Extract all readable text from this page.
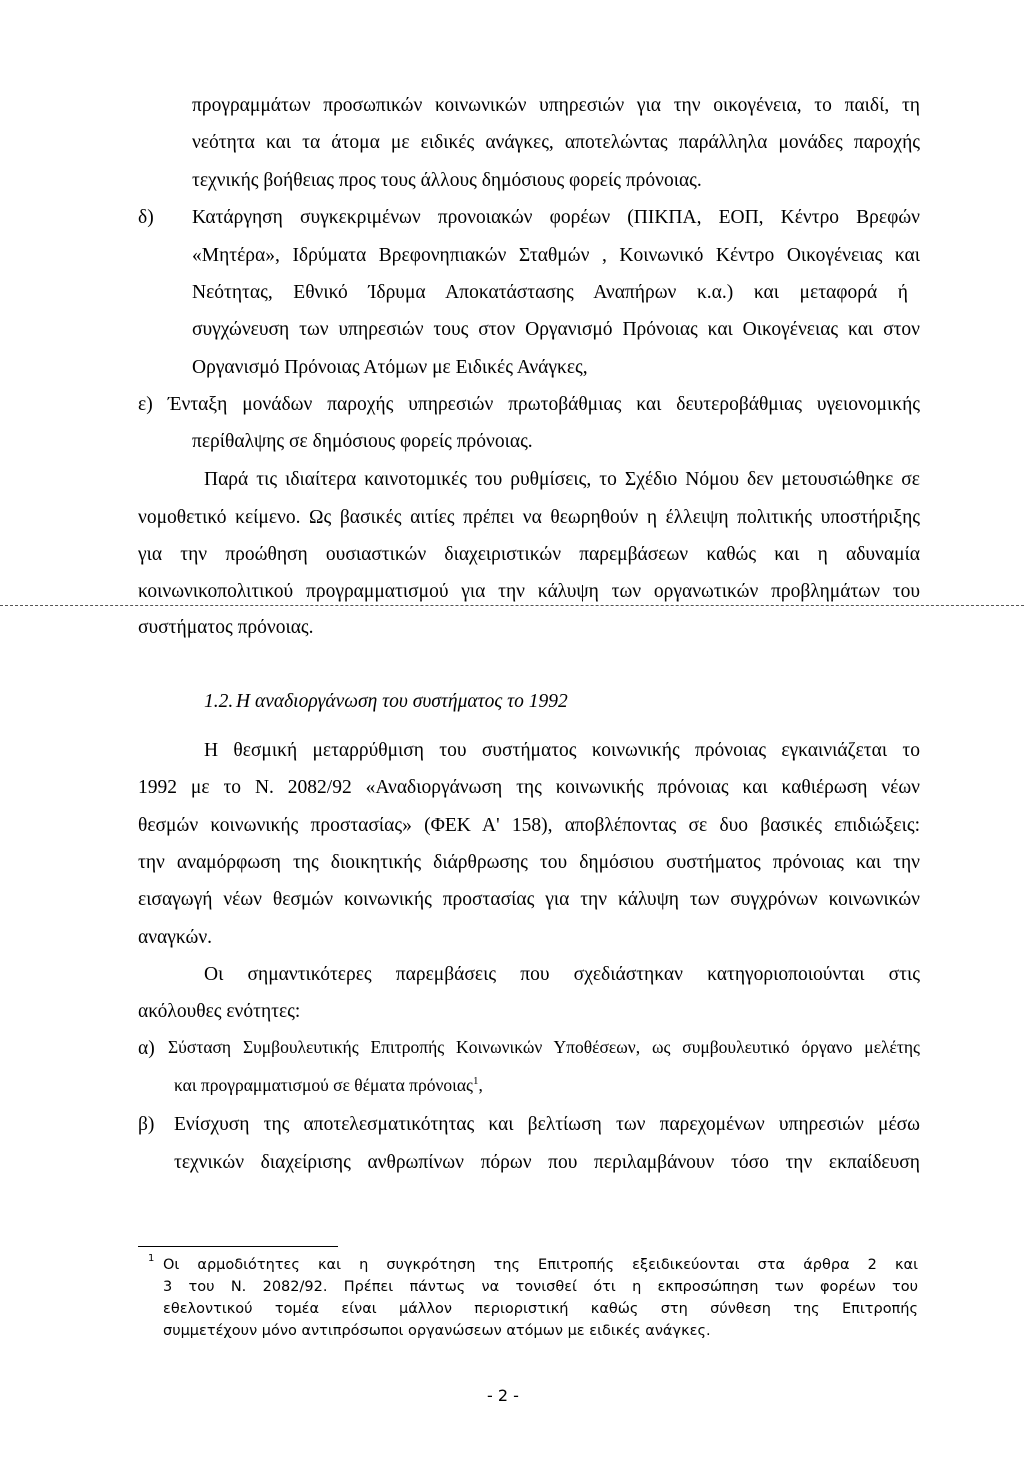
προγραμμάτων προσωπικών κοινωνικών υπηρεσιών για την οικογένεια, το παιδί, τη
νεότητα και τα άτομα με ειδικές ανάγκες, αποτελώντας παράλληλα μονάδες παροχής
τεχνικής βοήθειας προς τους άλλους δημόσιους φορείς πρόνοιας.
δ) Κατάργηση συγκεκριμένων προνοιακών φορέων (ΠΙΚΠΑ, ΕΟΠ, Κέντρο Βρεφών
«Μητέρα», Ιδρύματα Βρεφονηπιακών Σταθμών , Κοινωνικό Κέντρο Οικογένειας και
Νεότητας, Εθνικό Ίδρυμα Αποκατάστασης Αναπήρων κ.α.) και μεταφορά ή
συγχώνευση των υπηρεσιών τους στον Οργανισμό Πρόνοιας και Οικογένειας και στον
Οργανισμό Πρόνοιας Ατόμων με Ειδικές Ανάγκες,
ε) Ένταξη μονάδων παροχής υπηρεσιών πρωτοβάθμιας και δευτεροβάθμιας υγειονομικής
περίθαλψης σε δημόσιους φορείς πρόνοιας.
Παρά τις ιδιαίτερα καινοτομικές του ρυθμίσεις, το Σχέδιο Νόμου δεν μετουσιώθηκε σε
νομοθετικό κείμενο. Ως βασικές αιτίες πρέπει να θεωρηθούν η έλλειψη πολιτικής υποστήριξης
για την προώθηση ουσιαστικών διαχειριστικών παρεμβάσεων καθώς και η αδυναμία
κοινωνικοπολιτικού προγραμματισμού για την κάλυψη των οργανωτικών προβλημάτων του
συστήματος πρόνοιας.
1.2. Η αναδιοργάνωση του συστήματος το 1992
Η θεσμική μεταρρύθμιση του συστήματος κοινωνικής πρόνοιας εγκαινιάζεται το
1992 με το Ν. 2082/92 «Αναδιοργάνωση της κοινωνικής πρόνοιας και καθιέρωση νέων
θεσμών κοινωνικής προστασίας» (ΦΕΚ Α' 158), αποβλέποντας σε δυο βασικές επιδιώξεις:
την αναμόρφωση της διοικητικής διάρθρωσης του δημόσιου συστήματος πρόνοιας και την
εισαγωγή νέων θεσμών κοινωνικής προστασίας για την κάλυψη των συγχρόνων κοινωνικών
αναγκών.
Οι σημαντικότερες παρεμβάσεις που σχεδιάστηκαν κατηγοριοποιούνται στις
ακόλουθες ενότητες:
α) Σύσταση Συμβουλευτικής Επιτροπής Κοινωνικών Υποθέσεων, ως συμβουλευτικό όργανο μελέτης
και προγραμματισμού σε θέματα πρόνοιας$^1$,
β) Ενίσχυση της αποτελεσματικότητας και βελτίωση των παρεχομένων υπηρεσιών μέσω
τεχνικών διαχείρισης ανθρωπίνων πόρων που περιλαμβάνουν τόσο την εκπαίδευση
1 Οι αρμοδιότητες και η συγκρότηση της Επιτροπής εξειδικεύονται στα άρθρα 2 και
3 του Ν. 2082/92. Πρέπει πάντως να τονισθεί ότι η εκπροσώπηση των φορέων του
εθελοντικού τομέα είναι μάλλον περιοριστική καθώς στη σύνθεση της Επιτροπής
συμμετέχουν μόνο αντιπρόσωποι οργανώσεων ατόμων με ειδικές ανάγκες.
- 2 -
